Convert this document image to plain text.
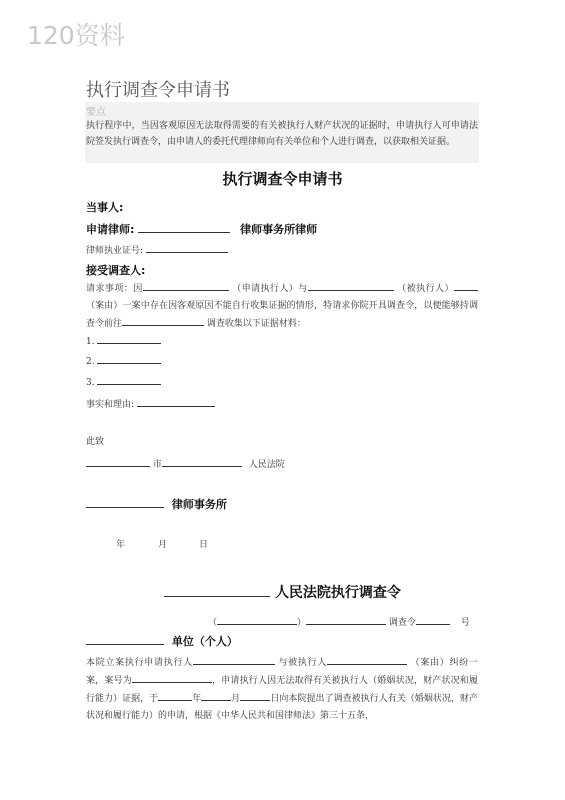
120资料
执行调查令申请书
要点
执行程序中，当因客观原因无法取得需要的有关被执行人财产状况的证据时，申请执行人可申请法院签发执行调查令，由申请人的委托代理律师向有关单位和个人进行调查，以获取相关证据。
执行调查令申请书
当事人:
申请律师:	律师事务所律师
律师执业证号:
接受调查人:
请求事项：因	（申请执行人）与	（被执行人）（案由）一案中存在因客观原因不能自行收集证据的情形，特请求你院开具调查令，以便能够持调查令前往	调查收集以下证据材料：
1.
2.
3.
事实和理由:
此致
市	人民法院
律师事务所
年	月	日
人民法院执行调查令
（	）	调查令	号
单位（个人）
本院立案执行申请执行人	与被执行人	（案由）纠纷一案，案号为	，申请执行人因无法取得有关被执行人（婚姻状况，财产状况和履行能力）证据，于	年	月	日向本院提出了调查被执行人有关（婚姻状况，财产状况和履行能力）的申请，根据《中华人民共和国律师法》第三十五条，
